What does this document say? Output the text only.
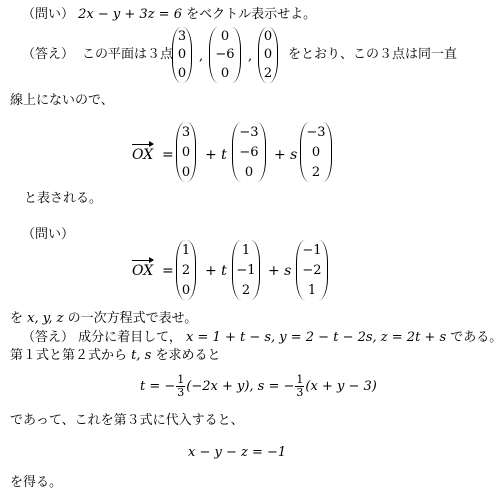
（問い） 2x − y + 3z = 6 をベクトル表示せよ。
（答え） この平面は３点
3
0
0
,
0
−6
0
,
0
0
2
をとおり、この３点は同一直
線上にないので、
OX =
3
0
0
+ t
−3
−6
0
+ s
−3
0
2
と表される。
（問い）
OX =
1
2
0
+ t
1
−1
2
+ s
−1
−2
1
を x, y, z の一次方程式で表せ。
（答え） 成分に着目して， x = 1 + t − s, y = 2 − t − 2s, z = 2t + s である。
第１式と第２式から t, s を求めると
t = − $\frac{1}{3} (-2x + y)$, s = − $\frac{1}{3} (x + y - 3)$
であって、これを第３式に代入すると、
x − y − z = −1
を得る。
